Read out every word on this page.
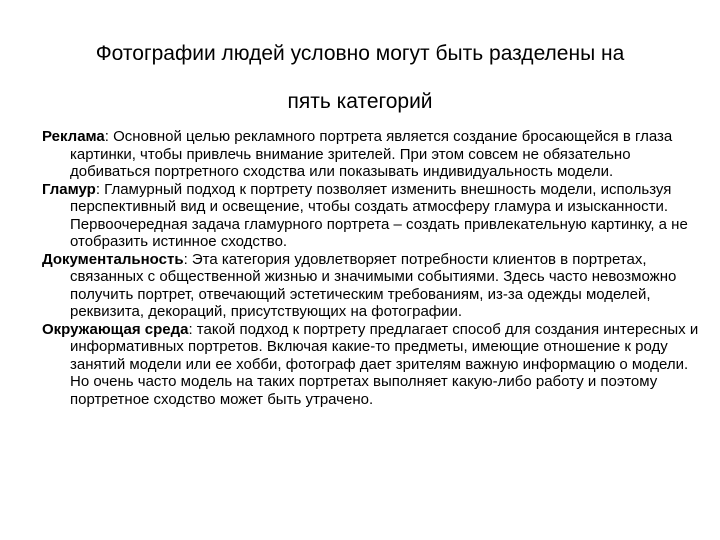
Фотографии людей условно могут быть разделены на
пять категорий

Реклама: Основной целью рекламного портрета является создание бросающейся в глаза картинки, чтобы привлечь внимание зрителей. При этом совсем не обязательно добиваться портретного сходства или показывать индивидуальность модели.

Гламур: Гламурный подход к портрету позволяет изменить внешность модели, используя перспективный вид и освещение, чтобы создать атмосферу гламура и изысканности. Первоочередная задача гламурного портрета – создать привлекательную картинку, а не отобразить истинное сходство.

Документальность: Эта категория удовлетворяет потребности клиентов в портретах, связанных с общественной жизнью и значимыми событиями. Здесь часто невозможно получить портрет, отвечающий эстетическим требованиям, из-за одежды моделей, реквизита, декораций, присутствующих на фотографии.

Окружающая среда: такой подход к портрету предлагает способ для создания интересных и информативных портретов. Включая какие-то предметы, имеющие отношение к роду занятий модели или ее хобби, фотограф дает зрителям важную информацию о модели. Но очень часто модель на таких портретах выполняет какую-либо работу и поэтому портретное сходство может быть утрачено.
